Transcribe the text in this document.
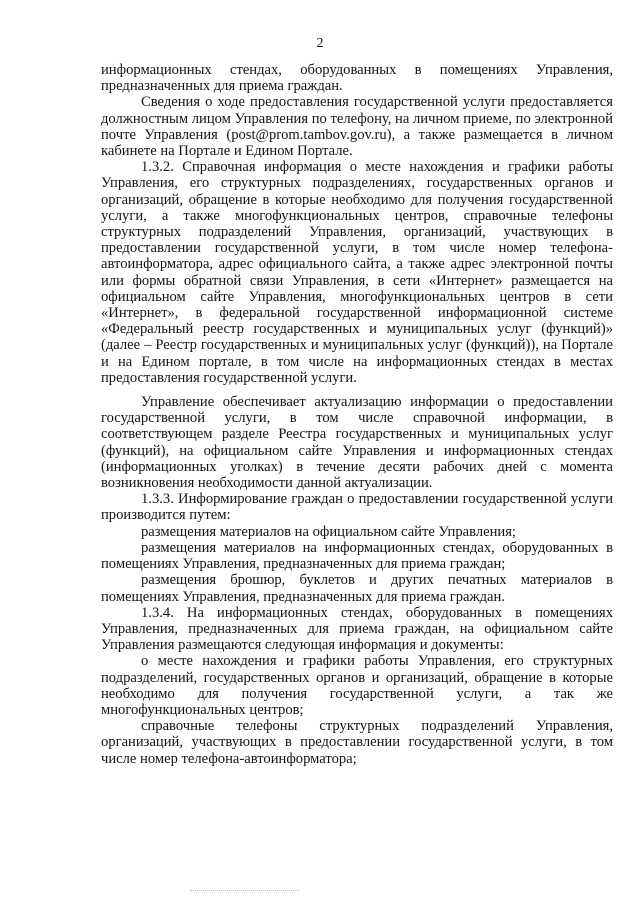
2

информационных стендах, оборудованных в помещениях Управления, предназначенных для приема граждан.

Сведения о ходе предоставления государственной услуги предоставляется должностным лицом Управления по телефону, на личном приеме, по электронной почте Управления (post@prom.tambov.gov.ru), а также размещается в личном кабинете на Портале и Едином Портале.

1.3.2. Справочная информация о месте нахождения и графики работы Управления, его структурных подразделениях, государственных органов и организаций, обращение в которые необходимо для получения государственной услуги, а также многофункциональных центров, справочные телефоны структурных подразделений Управления, организаций, участвующих в предоставлении государственной услуги, в том числе номер телефона-автоинформатора, адрес официального сайта, а также адрес электронной почты или формы обратной связи Управления, в сети «Интернет» размещается на официальном сайте Управления, многофункциональных центров в сети «Интернет», в федеральной государственной информационной системе «Федеральный реестр государственных и муниципальных услуг (функций)» (далее – Реестр государственных и муниципальных услуг (функций)), на Портале и на Едином портале, в том числе на информационных стендах в местах предоставления государственной услуги.

Управление обеспечивает актуализацию информации о предоставлении государственной услуги, в том числе справочной информации, в соответствующем разделе Реестра государственных и муниципальных услуг (функций), на официальном сайте Управления и информационных стендах (информационных уголках) в течение десяти рабочих дней с момента возникновения необходимости данной актуализации.

1.3.3. Информирование граждан о предоставлении государственной услуги производится путем:

размещения материалов на официальном сайте Управления;

размещения материалов на информационных стендах, оборудованных в помещениях Управления, предназначенных для приема граждан;

размещения брошюр, буклетов и других печатных материалов в помещениях Управления, предназначенных для приема граждан.

1.3.4. На информационных стендах, оборудованных в помещениях Управления, предназначенных для приема граждан, на официальном сайте Управления размещаются следующая информация и документы:

о месте нахождения и графики работы Управления, его структурных подразделений, государственных органов и организаций, обращение в которые необходимо для получения государственной услуги, а так же многофункциональных центров;

справочные телефоны структурных подразделений Управления, организаций, участвующих в предоставлении государственной услуги, в том числе номер телефона-автоинформатора;
